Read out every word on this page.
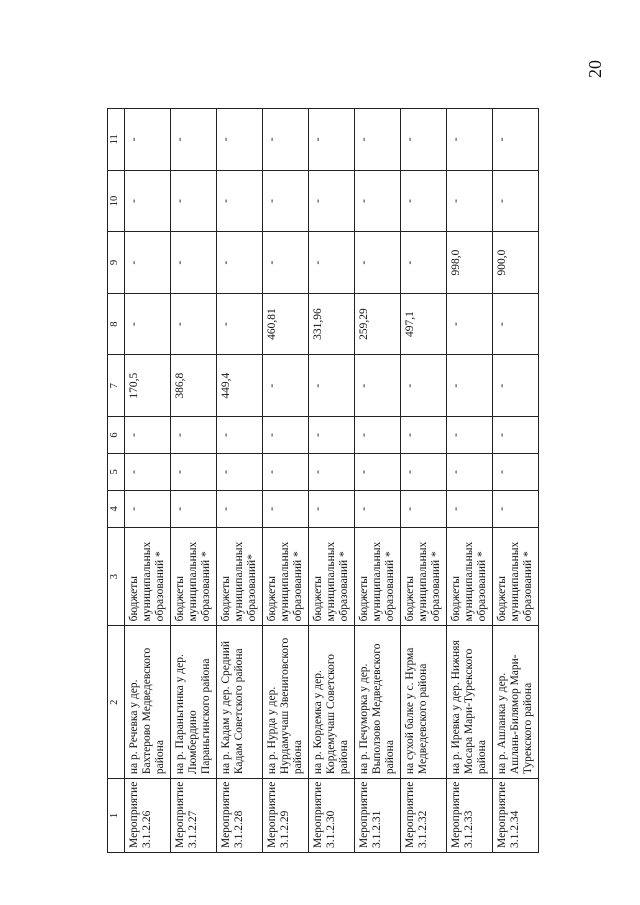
20
1	2	3	4	5	6	7	8	9	10	11
Мероприятие 3.1.2.26	на р. Речевка у дер. Бахтерово Медведевского района	бюджеты муниципальных образований *	-	-	-	170,5	-	-	-	-
Мероприятие 3.1.2.27	на р. Параньгинка у дер. Люмбердино Параньгинского района	бюджеты муниципальных образований *	-	-	-	386,8	-	-	-	-
Мероприятие 3.1.2.28	на р. Кадам у дер. Средний Кадам Советского района	бюджеты муниципальных образований*	-	-	-	449,4	-	-	-	-
Мероприятие 3.1.2.29	на р. Нурда у дер. Нурдамучаш Звениговского района	бюджеты муниципальных образований *	-	-	-	-	460,81	-	-	-
Мероприятие 3.1.2.30	на р. Кордемка у дер. Кордемучаш Советского района	бюджеты муниципальных образований *	-	-	-	-	331,96	-	-	-
Мероприятие 3.1.2.31	на р. Печуморка у дер. Выползово Медведевского района	бюджеты муниципальных образований *	-	-	-	-	259,29	-	-	-
Мероприятие 3.1.2.32	на сухой балке у с. Нурма Медведевского района	бюджеты муниципальных образований *	-	-	-	-	497,1	-	-	-
Мероприятие 3.1.2.33	на р. Иревка у дер. Нижняя Мосара Мари-Турекского района	бюджеты муниципальных образований *	-	-	-	-	-	998,0	-	-
Мероприятие 3.1.2.34	на р. Ашланка у дер. Ашлань-Билямор Мари-Турекского района	бюджеты муниципальных образований *	-	-	-	-	-	900,0	-	-
